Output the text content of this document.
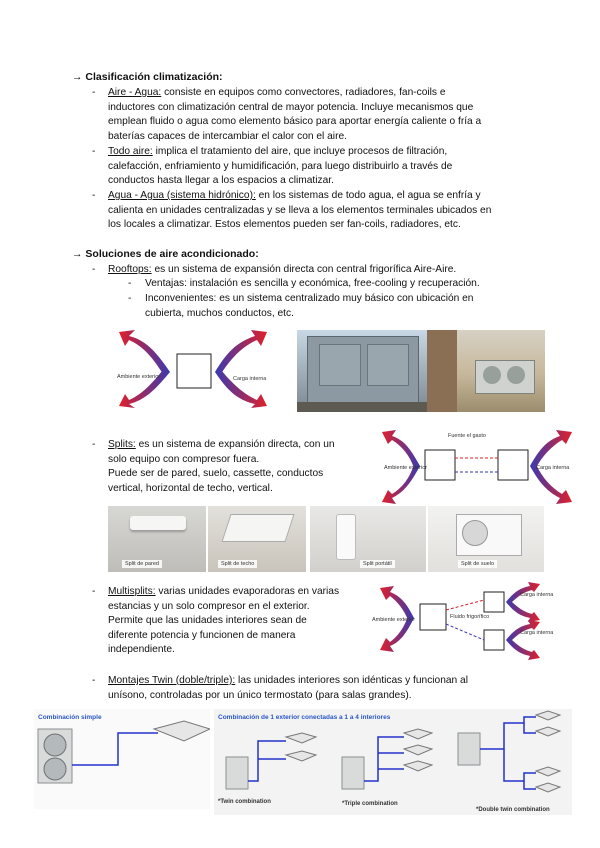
→ Clasificación climatización:
- Aire - Agua: consiste en equipos como convectores, radiadores, fan-coils e
inductores con climatización central de mayor potencia. Incluye mecanismos que
emplean fluido o agua como elemento básico para aportar energía caliente o fría a
baterías capaces de intercambiar el calor con el aire.
- Todo aire: implica el tratamiento del aire, que incluye procesos de filtración,
calefacción, enfriamiento y humidificación, para luego distribuirlo a través de
conductos hasta llegar a los espacios a climatizar.
- Agua - Agua (sistema hidrónico): en los sistemas de todo agua, el agua se enfría y
calienta en unidades centralizadas y se lleva a los elementos terminales ubicados en
los locales a climatizar. Estos elementos pueden ser fan-coils, radiadores, etc.
→ Soluciones de aire acondicionado:
- Rooftops: es un sistema de expansión directa con central frigorífica Aire-Aire.
- Ventajas: instalación es sencilla y económica, free-cooling y recuperación.
- Inconvenientes: es un sistema centralizado muy básico con ubicación en
cubierta, muchos conductos, etc.
Ambiente exterior	Carga interna
- Splits: es un sistema de expansión directa, con un
solo equipo con compresor fuera.
Puede ser de pared, suelo, cassette, conductos
vertical, horizontal de techo, vertical.
Fuente el gasto
Ambiente exterior	Carga interna
Split de pared	Split de techo	Split portátil	Split de suelo
- Multisplits: varias unidades evaporadoras en varias
estancias y un solo compresor en el exterior.
Permite que las unidades interiores sean de
diferente potencia y funcionen de manera
independiente.
Ambiente exterior	Fluido frigorífico
Carga interna
Carga interna
- Montajes Twin (doble/triple): las unidades interiores son idénticas y funcionan al
unísono, controladas por un único termostato (para salas grandes).
Combinación simple	Combinación de 1 exterior conectadas a 1 a 4 interiores
*Twin combination	*Triple combination
*Double twin combination
